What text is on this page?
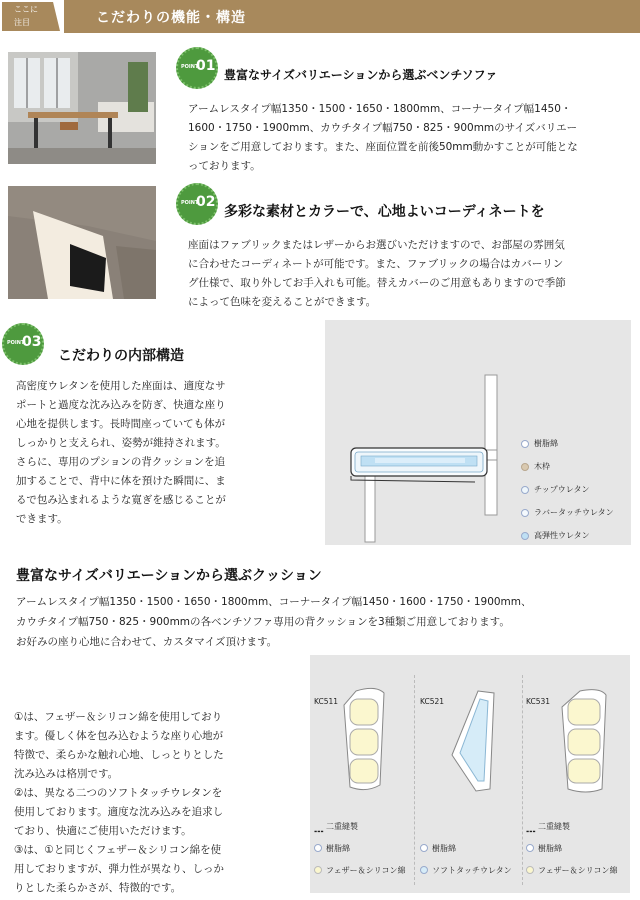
ここに
注目	こだわりの機能・構造
POINT
01
豊富なサイズバリエーションから選ぶベンチソファ
アームレスタイプ幅1350・1500・1650・1800mm、コーナータイプ幅1450・
1600・1750・1900mm、カウチタイプ幅750・825・900mmのサイズバリエー
ションをご用意しております。また、座面位置を前後50mm動かすことが可能とな
っております。
POINT
02
多彩な素材とカラーで、心地よいコーディネートを
座面はファブリックまたはレザーからお選びいただけますので、お部屋の雰囲気
に合わせたコーディネートが可能です。また、ファブリックの場合はカバーリン
グ仕様で、取り外してお手入れも可能。替えカバーのご用意もありますので季節
によって色味を変えることができます。
POINT
03
こだわりの内部構造
高密度ウレタンを使用した座面は、適度なサ
ポートと過度な沈み込みを防ぎ、快適な座り
心地を提供します。長時間座っていても体が
しっかりと支えられ、姿勢が維持されます。
さらに、専用のプションの背クッションを追
加することで、背中に体を預けた瞬間に、ま
るで包み込まれるような寛ぎを感じることが
できます。
樹脂綿
木枠
チップウレタン
ラバータッチウレタン
高弾性ウレタン
豊富なサイズバリエーションから選ぶクッション
アームレスタイプ幅1350・1500・1650・1800mm、コーナータイプ幅1450・1600・1750・1900mm、
カウチタイプ幅750・825・900mmの各ベンチソファ専用の背クッションを3種類ご用意しております。
お好みの座り心地に合わせて、カスタマイズ頂けます。
①は、フェザー＆シリコン綿を使用しており
ます。優しく体を包み込むような座り心地が
特徴で、柔らかな触れ心地、しっとりとした
沈み込みは格別です。
②は、異なる二つのソフトタッチウレタンを
使用しております。適度な沈み込みを追求し
ており、快適にご使用いただけます。
③は、①と同じくフェザー＆シリコン綿を使
用しておりますが、弾力性が異なり、しっか
りとした柔らかさが、特徴的です。
KC511	KC521	KC531
┄ 二重縫製
樹脂綿
フェザー＆シリコン綿
樹脂綿
ソフトタッチウレタン
┄ 二重縫製
樹脂綿
フェザー＆シリコン綿
